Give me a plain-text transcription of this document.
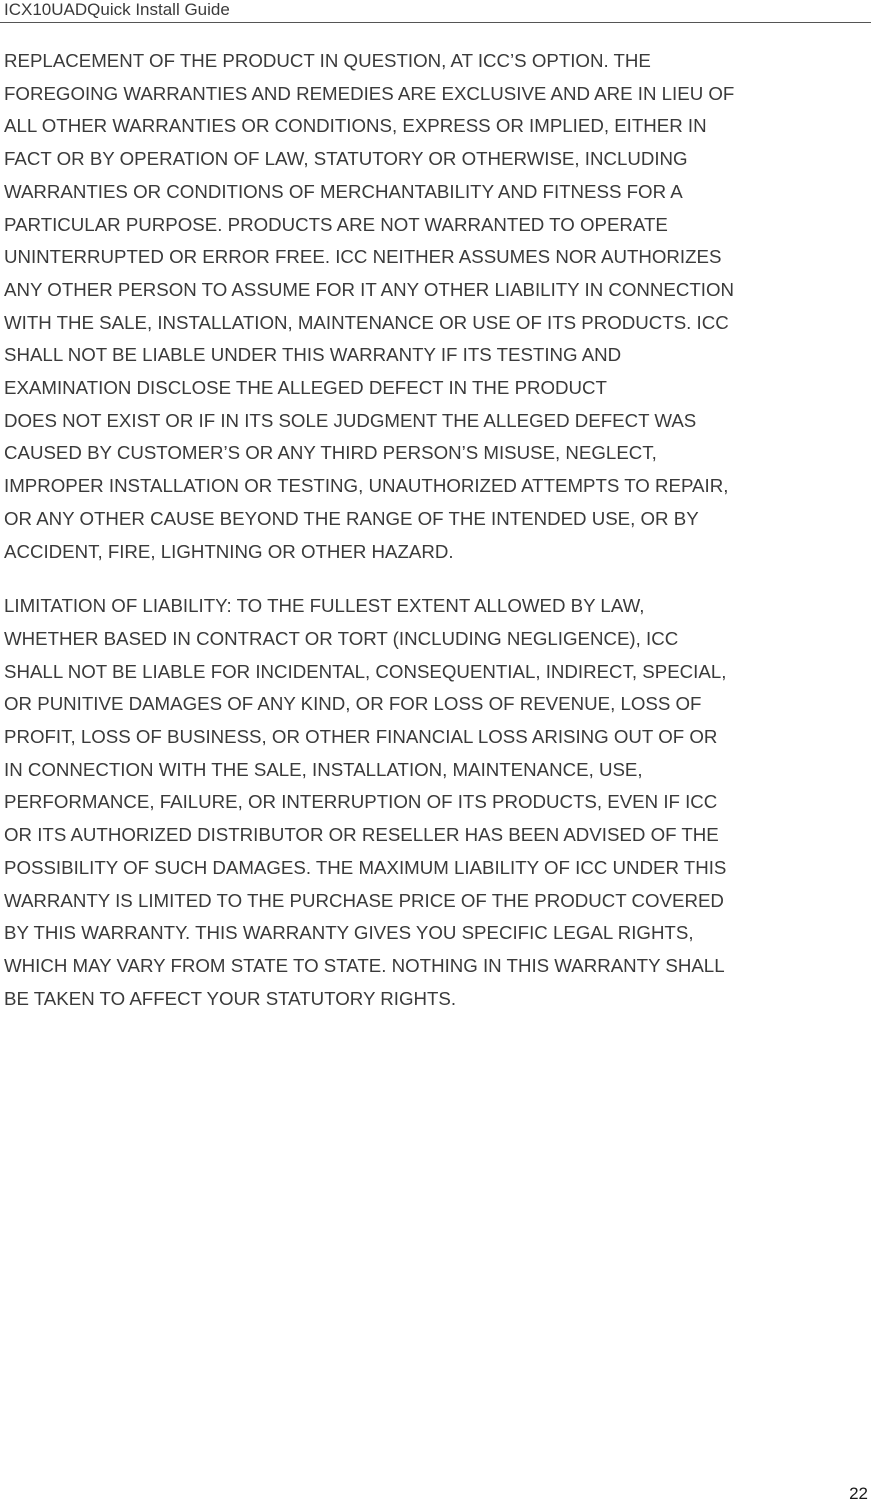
ICX10UADQuick Install Guide
REPLACEMENT OF THE PRODUCT IN QUESTION, AT ICC’S OPTION. THE
FOREGOING WARRANTIES AND REMEDIES ARE EXCLUSIVE AND ARE IN LIEU OF
ALL OTHER WARRANTIES OR CONDITIONS, EXPRESS OR IMPLIED, EITHER IN
FACT OR BY OPERATION OF LAW, STATUTORY OR OTHERWISE, INCLUDING
WARRANTIES OR CONDITIONS OF MERCHANTABILITY AND FITNESS FOR A
PARTICULAR PURPOSE. PRODUCTS ARE NOT WARRANTED TO OPERATE
UNINTERRUPTED OR ERROR FREE. ICC NEITHER ASSUMES NOR AUTHORIZES
ANY OTHER PERSON TO ASSUME FOR IT ANY OTHER LIABILITY IN CONNECTION
WITH THE SALE, INSTALLATION, MAINTENANCE OR USE OF ITS PRODUCTS. ICC
SHALL NOT BE LIABLE UNDER THIS WARRANTY IF ITS TESTING AND
EXAMINATION DISCLOSE THE ALLEGED DEFECT IN THE PRODUCT
DOES NOT EXIST OR IF IN ITS SOLE JUDGMENT THE ALLEGED DEFECT WAS
CAUSED BY CUSTOMER’S OR ANY THIRD PERSON’S MISUSE, NEGLECT,
IMPROPER INSTALLATION OR TESTING, UNAUTHORIZED ATTEMPTS TO REPAIR,
OR ANY OTHER CAUSE BEYOND THE RANGE OF THE INTENDED USE, OR BY
ACCIDENT, FIRE, LIGHTNING OR OTHER HAZARD.
LIMITATION OF LIABILITY: TO THE FULLEST EXTENT ALLOWED BY LAW,
WHETHER BASED IN CONTRACT OR TORT (INCLUDING NEGLIGENCE), ICC
SHALL NOT BE LIABLE FOR INCIDENTAL, CONSEQUENTIAL, INDIRECT, SPECIAL,
OR PUNITIVE DAMAGES OF ANY KIND, OR FOR LOSS OF REVENUE, LOSS OF
PROFIT, LOSS OF BUSINESS, OR OTHER FINANCIAL LOSS ARISING OUT OF OR
IN CONNECTION WITH THE SALE, INSTALLATION, MAINTENANCE, USE,
PERFORMANCE, FAILURE, OR INTERRUPTION OF ITS PRODUCTS, EVEN IF ICC
OR ITS AUTHORIZED DISTRIBUTOR OR RESELLER HAS BEEN ADVISED OF THE
POSSIBILITY OF SUCH DAMAGES. THE MAXIMUM LIABILITY OF ICC UNDER THIS
WARRANTY IS LIMITED TO THE PURCHASE PRICE OF THE PRODUCT COVERED
BY THIS WARRANTY. THIS WARRANTY GIVES YOU SPECIFIC LEGAL RIGHTS,
WHICH MAY VARY FROM STATE TO STATE. NOTHING IN THIS WARRANTY SHALL
BE TAKEN TO AFFECT YOUR STATUTORY RIGHTS.
22
